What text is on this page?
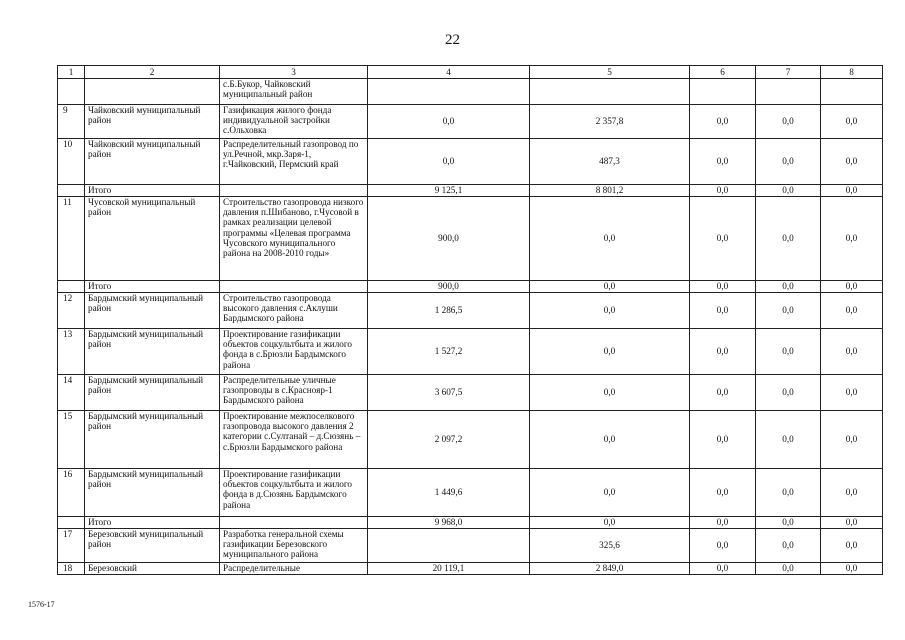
22
1	2	3	4	5	6	7	8
		с.Б.Букор, Чайковский муниципальный район					
9	Чайковский муниципальный район	Газификация жилого фонда индивидуальной застройки с.Ольховка	0,0	2 357,8	0,0	0,0	0,0
10	Чайковский муниципальный район	Распределительный газопровод по ул.Речной, мкр.Заря-1, г.Чайковский, Пермский край	0,0	487,3	0,0	0,0	0,0
	Итого		9 125,1	8 801,2	0,0	0,0	0,0
11	Чусовской муниципальный район	Строительство газопровода низкого давления п.Шибаново, г.Чусовой в рамках реализации целевой программы «Целевая программа Чусовского муниципального района на 2008-2010 годы»	900,0	0,0	0,0	0,0	0,0
	Итого		900,0	0,0	0,0	0,0	0,0
12	Бардымский муниципальный район	Строительство газопровода высокого давления с.Аклуши Бардымского района	1 286,5	0,0	0,0	0,0	0,0
13	Бардымский муниципальный район	Проектирование газификации объектов соцкультбыта и жилого фонда в с.Брюзли Бардымского района	1 527,2	0,0	0,0	0,0	0,0
14	Бардымский муниципальный район	Распределительные уличные газопроводы в с.Краснояр-1 Бардымского района	3 607,5	0,0	0,0	0,0	0,0
15	Бардымский муниципальный район	Проектирование межпоселкового газопровода высокого давления 2 категории с.Султанай – д.Сюзянь – с.Брюзли Бардымского района	2 097,2	0,0	0,0	0,0	0,0
16	Бардымский муниципальный район	Проектирование газификации объектов соцкультбыта и жилого фонда в д.Сюзянь Бардымского района	1 449,6	0,0	0,0	0,0	0,0
	Итого		9 968,0	0,0	0,0	0,0	0,0
17	Березовский муниципальный район	Разработка генеральной схемы газификации Березовского муниципального района		325,6	0,0	0,0	0,0
18	Березовский	Распределительные	20 119,1	2 849,0	0,0	0,0	0,0
1576-17
